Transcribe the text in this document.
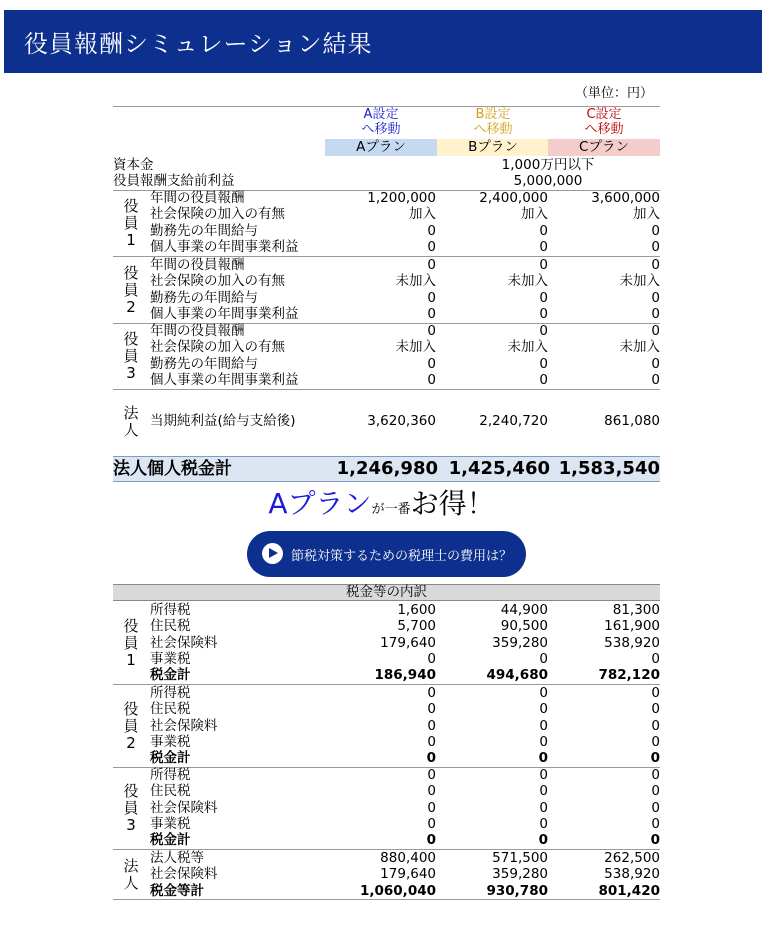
役員報酬シミュレーション結果
（単位：円）
A設定
へ移動
B設定
へ移動
C設定
へ移動
Aプラン	Bプラン	Cプラン
資本金	1,000万円以下
役員報酬支給前利益	5,000,000
役
員
1
年間の役員報酬	1,200,000	2,400,000	3,600,000
社会保険の加入の有無	加入	加入	加入
勤務先の年間給与	0	0	0
個人事業の年間事業利益	0	0	0
役
員
2
年間の役員報酬	0	0	0
社会保険の加入の有無	未加入	未加入	未加入
勤務先の年間給与	0	0	0
個人事業の年間事業利益	0	0	0
役
員
3
年間の役員報酬	0	0	0
社会保険の加入の有無	未加入	未加入	未加入
勤務先の年間給与	0	0	0
個人事業の年間事業利益	0	0	0
法
人 当期純利益(給与支給後)	3,620,360	2,240,720	861,080
法人個人税金計	1,246,980 1,425,460 1,583,540
Aプランが一番お得！
節税対策するための税理士の費用は？
税金等の内訳
役
員
1
所得税	1,600	44,900	81,300
住民税	5,700	90,500	161,900
社会保険料	179,640	359,280	538,920
事業税	0	0	0
税金計	186,940	494,680	782,120
役
員
2
所得税	0	0	0
住民税	0	0	0
社会保険料	0	0	0
事業税	0	0	0
税金計	0	0	0
役
員
3
所得税	0	0	0
住民税	0	0	0
社会保険料	0	0	0
事業税	0	0	0
税金計	0	0	0
法
人
法人税等	880,400	571,500	262,500
社会保険料	179,640	359,280	538,920
税金等計	1,060,040	930,780	801,420
